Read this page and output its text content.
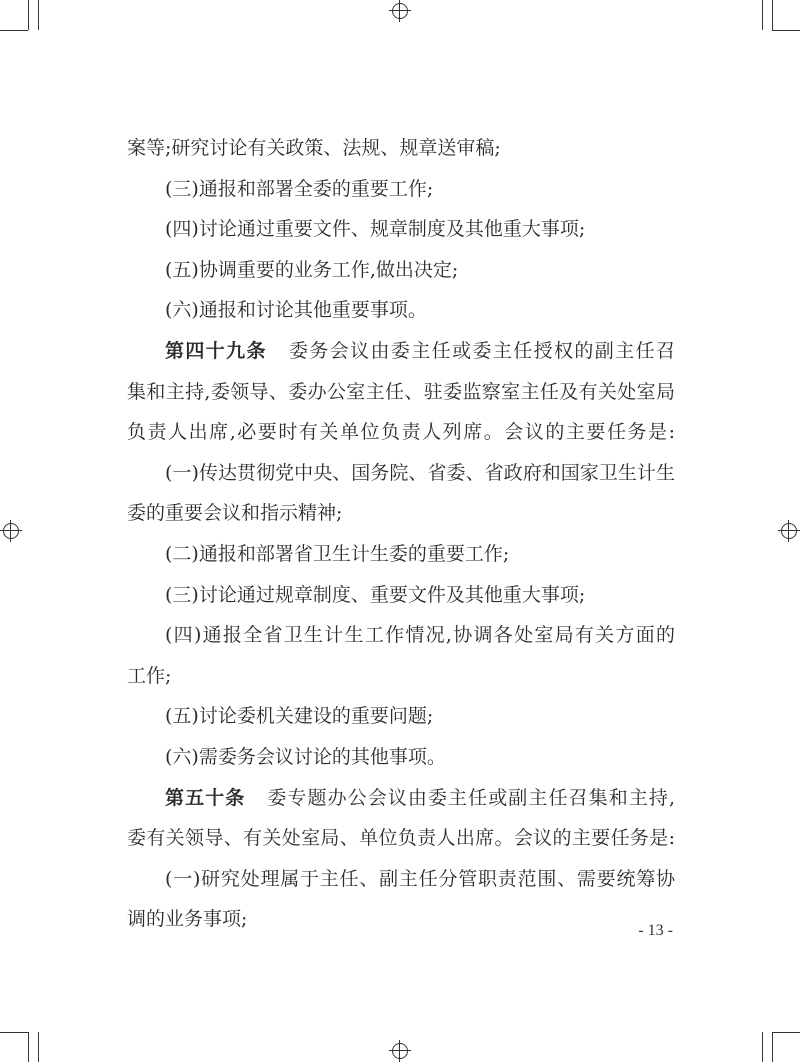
案等;研究讨论有关政策、法规、规章送审稿;
(三)通报和部署全委的重要工作;
(四)讨论通过重要文件、规章制度及其他重大事项;
(五)协调重要的业务工作,做出决定;
(六)通报和讨论其他重要事项。
第四十九条 委务会议由委主任或委主任授权的副主任召
集和主持,委领导、委办公室主任、驻委监察室主任及有关处室局
负责人出席,必要时有关单位负责人列席。会议的主要任务是:
(一)传达贯彻党中央、国务院、省委、省政府和国家卫生计生
委的重要会议和指示精神;
(二)通报和部署省卫生计生委的重要工作;
(三)讨论通过规章制度、重要文件及其他重大事项;
(四)通报全省卫生计生工作情况,协调各处室局有关方面的
工作;
(五)讨论委机关建设的重要问题;
(六)需委务会议讨论的其他事项。
第五十条 委专题办公会议由委主任或副主任召集和主持,
委有关领导、有关处室局、单位负责人出席。会议的主要任务是:
(一)研究处理属于主任、副主任分管职责范围、需要统筹协
调的业务事项;
- 13 -
